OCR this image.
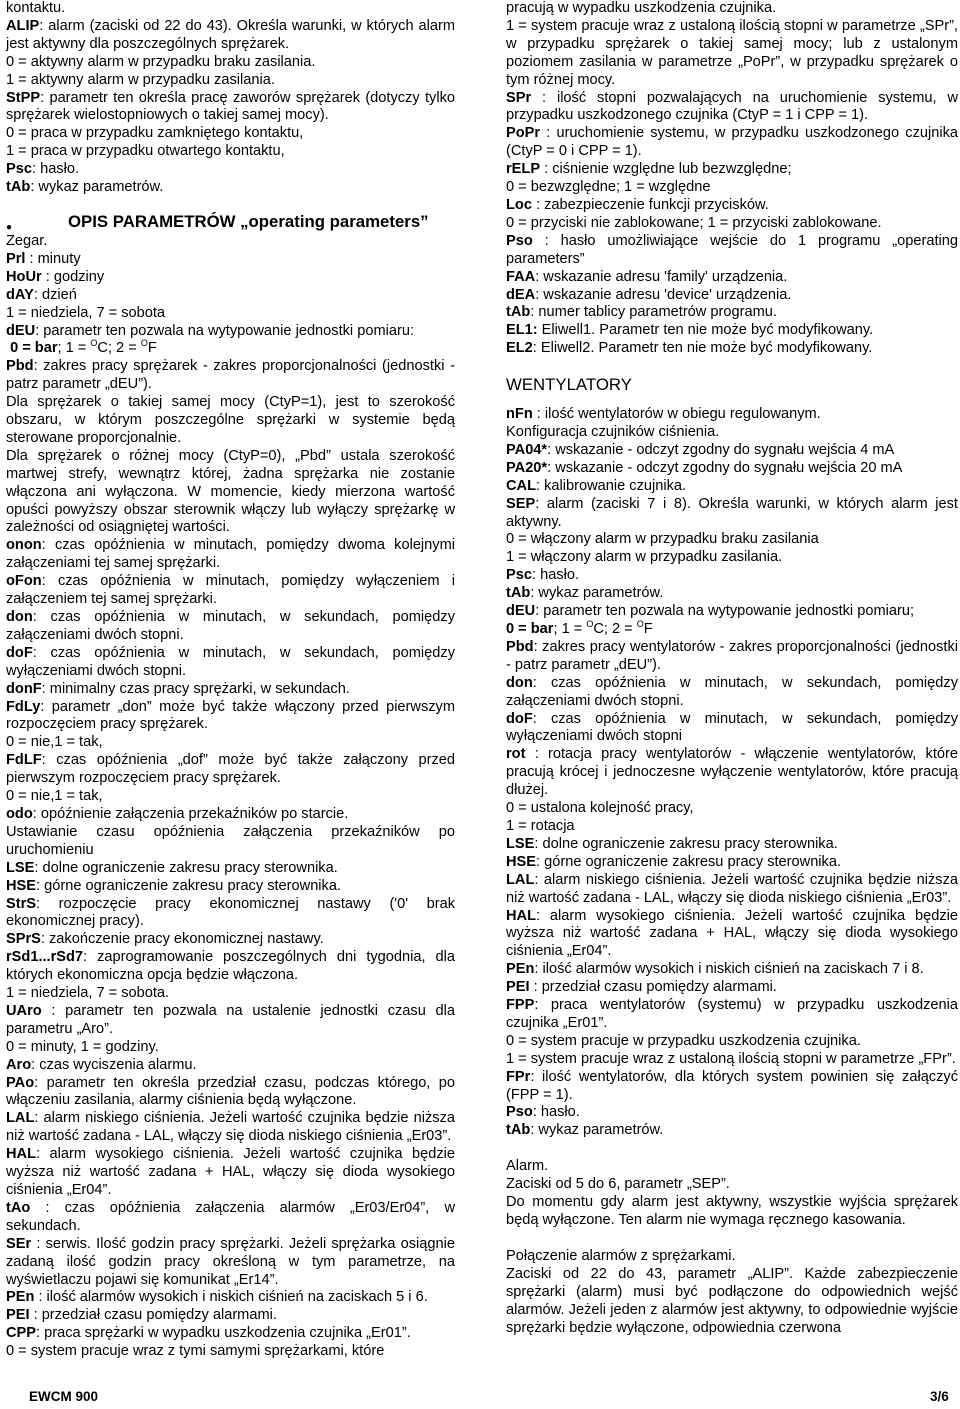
kontaktu.

ALIP: alarm (zaciski od 22 do 43). Określa warunki, w których alarm jest aktywny dla poszczególnych sprężarek.

0 = aktywny alarm w przypadku braku zasilania.

1 = aktywny alarm w przypadku zasilania.

StPP: parametr ten określa pracę zaworów sprężarek (dotyczy tylko sprężarek wielostopniowych o takiej samej mocy).

0 = praca w przypadku zamkniętego kontaktu,

1 = praca w przypadku otwartego kontaktu,

Psc: hasło.

tAb: wykaz parametrów.

●	OPIS PARAMETRÓW „operating parameters”

Zegar.

Prl : minuty

HoUr : godziny

dAY: dzień

1 = niedziela, 7 = sobota

dEU: parametr ten pozwala na wytypowanie jednostki pomiaru:

0 = bar; 1 = $^O$C; 2 = $^O$F

Pbd: zakres pracy sprężarek - zakres proporcjonalności (jednostki - patrz parametr „dEU”).

Dla sprężarek o takiej samej mocy (CtyP=1), jest to szerokość obszaru, w którym poszczególne sprężarki w systemie będą sterowane proporcjonalnie.

Dla sprężarek o różnej mocy (CtyP=0), „Pbd” ustala szerokość martwej strefy, wewnątrz której, żadna sprężarka nie zostanie włączona ani wyłączona. W momencie, kiedy mierzona wartość opuści powyższy obszar sterownik włączy lub wyłączy sprężarkę w zależności od osiągniętej wartości.

onon: czas opóźnienia w minutach, pomiędzy dwoma kolejnymi załączeniami tej samej sprężarki.

oFon: czas opóźnienia w minutach, pomiędzy wyłączeniem i załączeniem tej samej sprężarki.

don: czas opóźnienia w minutach, w sekundach, pomiędzy załączeniami dwóch stopni.

doF: czas opóźnienia w minutach, w sekundach, pomiędzy wyłączeniami dwóch stopni.

donF: minimalny czas pracy sprężarki, w sekundach.

FdLy: parametr „don” może być także włączony przed pierwszym rozpoczęciem pracy sprężarek.

0 = nie,1 = tak,

FdLF: czas opóźnienia „dof” może być także załączony przed pierwszym rozpoczęciem pracy sprężarek.

0 = nie,1 = tak,

odo: opóźnienie załączenia przekaźników po starcie.

Ustawianie czasu opóźnienia załączenia przekaźników po uruchomieniu

LSE: dolne ograniczenie zakresu pracy sterownika.

HSE: górne ograniczenie zakresu pracy sterownika.

StrS: rozpoczęcie pracy ekonomicznej nastawy ('0' brak ekonomicznej pracy).

SPrS: zakończenie pracy ekonomicznej nastawy.

rSd1...rSd7: zaprogramowanie poszczególnych dni tygodnia, dla których ekonomiczna opcja będzie włączona.

1 = niedziela, 7 = sobota.

UAro : parametr ten pozwala na ustalenie jednostki czasu dla parametru „Aro”.

0 = minuty, 1 = godziny.

Aro: czas wyciszenia alarmu.

PAo: parametr ten określa przedział czasu, podczas którego, po włączeniu zasilania, alarmy ciśnienia będą wyłączone.

LAL: alarm niskiego ciśnienia. Jeżeli wartość czujnika będzie niższa niż wartość zadana - LAL, włączy się dioda niskiego ciśnienia „Er03”.

HAL: alarm wysokiego ciśnienia. Jeżeli wartość czujnika będzie wyższa niż wartość zadana + HAL, włączy się dioda wysokiego ciśnienia „Er04”.

tAo : czas opóźnienia załączenia alarmów „Er03/Er04”, w sekundach.

SEr : serwis. Ilość godzin pracy sprężarki. Jeżeli sprężarka osiągnie zadaną ilość godzin pracy określoną w tym parametrze, na wyświetlaczu pojawi się komunikat „Er14”.

PEn : ilość alarmów wysokich i niskich ciśnień na zaciskach 5 i 6.

PEI : przedział czasu pomiędzy alarmami.

CPP: praca sprężarki w wypadku uszkodzenia czujnika „Er01”.

0 = system pracuje wraz z tymi samymi sprężarkami, które

pracują w wypadku uszkodzenia czujnika.

1 = system pracuje wraz z ustaloną ilością stopni w parametrze „SPr”, w przypadku sprężarek o takiej samej mocy; lub z ustalonym poziomem zasilania w parametrze „PoPr”, w przypadku sprężarek o tym różnej mocy.

SPr : ilość stopni pozwalających na uruchomienie systemu, w przypadku uszkodzonego czujnika (CtyP = 1 i CPP = 1).

PoPr : uruchomienie systemu, w przypadku uszkodzonego czujnika (CtyP = 0 i CPP = 1).

rELP : ciśnienie względne lub bezwzględne;

0 = bezwzględne; 1 = względne

Loc : zabezpieczenie funkcji przycisków.

0 = przyciski nie zablokowane; 1 = przyciski zablokowane.

Pso : hasło umożliwiające wejście do 1 programu „operating parameters”

FAA: wskazanie adresu 'family' urządzenia.

dEA: wskazanie adresu 'device' urządzenia.

tAb: numer tablicy parametrów programu.

EL1: Eliwell1. Parametr ten nie może być modyfikowany.

EL2: Eliwell2. Parametr ten nie może być modyfikowany.

WENTYLATORY

nFn : ilość wentylatorów w obiegu regulowanym.

Konfiguracja czujników ciśnienia.

PA04*: wskazanie - odczyt zgodny do sygnału wejścia 4 mA

PA20*: wskazanie - odczyt zgodny do sygnału wejścia 20 mA

CAL: kalibrowanie czujnika.

SEP: alarm (zaciski 7 i 8). Określa warunki, w których alarm jest aktywny.

0 = włączony alarm w przypadku braku zasilania

1 = włączony alarm w przypadku zasilania.

Psc: hasło.

tAb: wykaz parametrów.

dEU: parametr ten pozwala na wytypowanie jednostki pomiaru;

0 = bar; 1 = $^O$C; 2 = $^O$F

Pbd: zakres pracy wentylatorów - zakres proporcjonalności (jednostki - patrz parametr „dEU”).

don: czas opóźnienia w minutach, w sekundach, pomiędzy załączeniami dwóch stopni.

doF: czas opóźnienia w minutach, w sekundach, pomiędzy wyłączeniami dwóch stopni

rot : rotacja pracy wentylatorów - włączenie wentylatorów, które pracują krócej i jednoczesne wyłączenie wentylatorów, które pracują dłużej.

0 = ustalona kolejność pracy,

1 = rotacja

LSE: dolne ograniczenie zakresu pracy sterownika.

HSE: górne ograniczenie zakresu pracy sterownika.

LAL: alarm niskiego ciśnienia. Jeżeli wartość czujnika będzie niższa niż wartość zadana - LAL, włączy się dioda niskiego ciśnienia „Er03”.

HAL: alarm wysokiego ciśnienia. Jeżeli wartość czujnika będzie wyższa niż wartość zadana + HAL, włączy się dioda wysokiego ciśnienia „Er04”.

PEn: ilość alarmów wysokich i niskich ciśnień na zaciskach 7 i 8.

PEI : przedział czasu pomiędzy alarmami.

FPP: praca wentylatorów (systemu) w przypadku uszkodzenia czujnika „Er01”.

0 = system pracuje w przypadku uszkodzenia czujnika.

1 = system pracuje wraz z ustaloną ilością stopni w parametrze „FPr”.

FPr: ilość wentylatorów, dla których system powinien się załączyć (FPP = 1).

Pso: hasło.

tAb: wykaz parametrów.

Alarm.

Zaciski od 5 do 6, parametr „SEP”.

Do momentu gdy alarm jest aktywny, wszystkie wyjścia sprężarek będą wyłączone. Ten alarm nie wymaga ręcznego kasowania.

Połączenie alarmów z sprężarkami.

Zaciski od 22 do 43, parametr „ALIP”. Każde zabezpieczenie sprężarki (alarm) musi być podłączone do odpowiednich wejść alarmów. Jeżeli jeden z alarmów jest aktywny, to odpowiednie wyjście sprężarki będzie wyłączone, odpowiednia czerwona

EWCM 900	3/6
